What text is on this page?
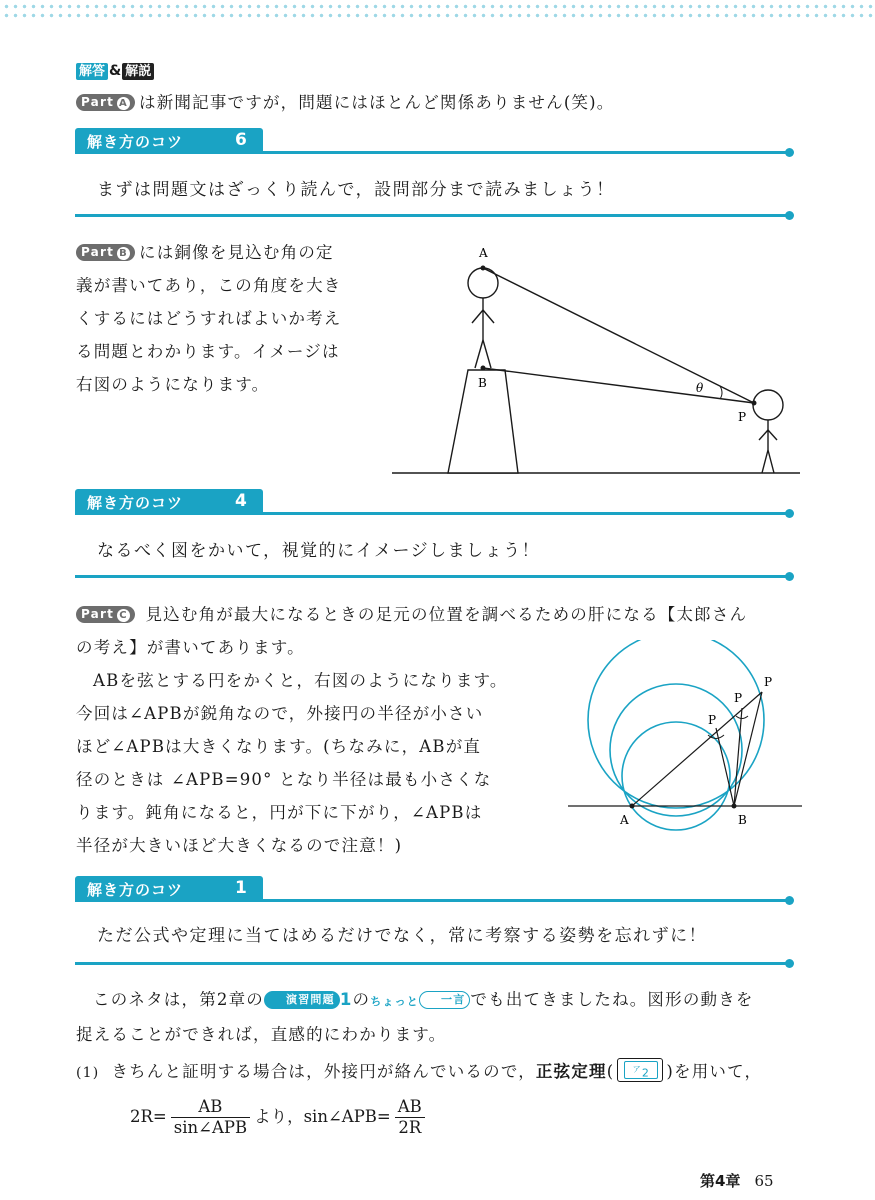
解答 & 解説
Part A は新聞記事ですが，問題にはほとんど関係ありません(笑)。
解き方のコツ	6
まずは問題文はざっくり読んで，設問部分まで読みましょう！
Part B には銅像を見込む角の定
義が書いてあり，この角度を大き
くするにはどうすればよいか考え
る問題とわかります。イメージは
右図のようになります。
A
B
P
θ
解き方のコツ	4
なるべく図をかいて，視覚的にイメージしましょう！
Part C 見込む角が最大になるときの足元の位置を調べるための肝になる【太郎さん
の考え】が書いてあります。
ABを弦とする円をかくと，右図のようになります。
今回は∠APBが鋭角なので，外接円の半径が小さい
ほど∠APBは大きくなります。(ちなみに，ABが直
径のときは ∠APB=90° となり半径は最も小さくな
ります。鈍角になると，円が下に下がり，∠APBは
半径が大きいほど大きくなるので注意！)
A	B
P
P
P
解き方のコツ	1
ただ公式や定理に当てはめるだけでなく，常に考察する姿勢を忘れずに！
このネタは，第2章の 演習問題 1のちょっと 一言 でも出てきましたね。図形の動きを
捉えることができれば，直感的にわかります。
(1) きちんと証明する場合は，外接円が絡んでいるので，正弦定理(	$^ア$2 )を用いて，
$2R= \frac{AB}{\text{sin∠APB}}$ より，sin∠APB= $\frac{AB}{2R}$
第4章 65
